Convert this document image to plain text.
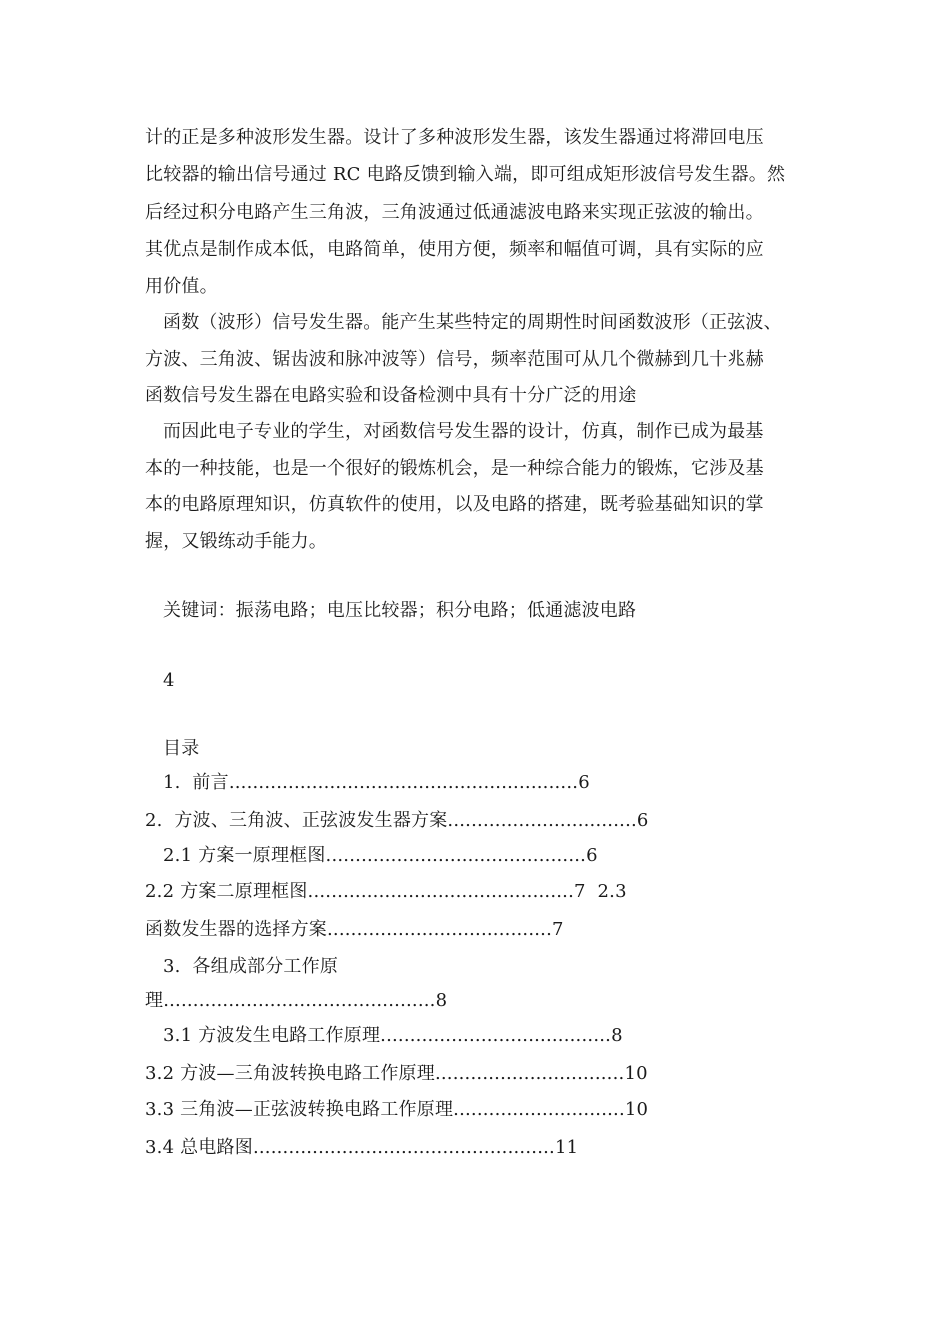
计的正是多种波形发生器。设计了多种波形发生器，该发生器通过将滞回电压
比较器的输出信号通过 RC 电路反馈到输入端，即可组成矩形波信号发生器。然
后经过积分电路产生三角波，三角波通过低通滤波电路来实现正弦波的输出。
其优点是制作成本低，电路简单，使用方便，频率和幅值可调，具有实际的应
用价值。
函数（波形）信号发生器。能产生某些特定的周期性时间函数波形（正弦波、
方波、三角波、锯齿波和脉冲波等）信号，频率范围可从几个微赫到几十兆赫
函数信号发生器在电路实验和设备检测中具有十分广泛的用途
而因此电子专业的学生，对函数信号发生器的设计，仿真，制作已成为最基
本的一种技能，也是一个很好的锻炼机会，是一种综合能力的锻炼，它涉及基
本的电路原理知识，仿真软件的使用，以及电路的搭建，既考验基础知识的掌
握，又锻练动手能力。
关键词：振荡电路；电压比较器；积分电路；低通滤波电路
4
目录
1.  前言...........................................................6
2.  方波、三角波、正弦波发生器方案................................6
2.1 方案一原理框图............................................6
2.2 方案二原理框图.............................................7  2.3
函数发生器的选择方案......................................7
3.  各组成部分工作原
理..............................................8
3.1 方波发生电路工作原理.......................................8
3.2 方波—三角波转换电路工作原理................................10
3.3 三角波—正弦波转换电路工作原理.............................10
3.4 总电路图...................................................11
